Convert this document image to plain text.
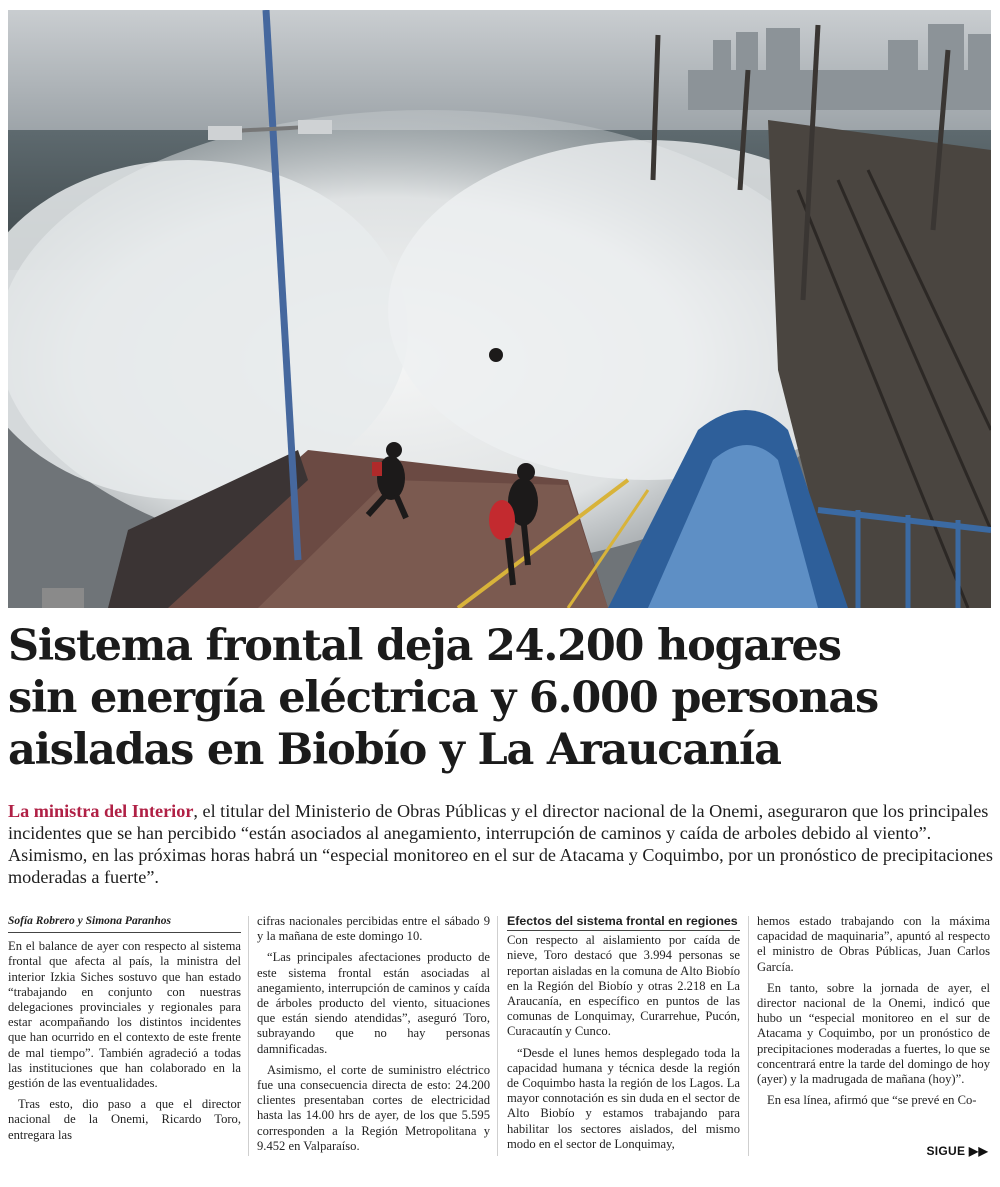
Sistema frontal deja 24.200 hogares
sin energía eléctrica y 6.000 personas
aisladas en Biobío y La Araucanía

La ministra del Interior, el titular del Ministerio de Obras Públicas y el director nacional de la Onemi, aseguraron que los principales incidentes que se han percibido “están asociados al anegamiento, interrupción de caminos y caída de arboles debido al viento”. Asimismo, en las próximas horas habrá un “especial monitoreo en el sur de Atacama y Coquimbo, por un pronóstico de precipitaciones moderadas a fuerte”.

Sofía Robrero y Simona Paranhos

En el balance de ayer con respecto al sistema frontal que afecta al país, la ministra del interior Izkia Siches sostuvo que han estado “trabajando en conjunto con nuestras delegaciones provinciales y regionales para estar acompañando los distintos incidentes que han ocurrido en el contexto de este frente de mal tiempo”. También agradeció a todas las instituciones que han colaborado en la gestión de las eventualidades.

Tras esto, dio paso a que el director nacional de la Onemi, Ricardo Toro, entregara las

cifras nacionales percibidas entre el sábado 9 y la mañana de este domingo 10.

“Las principales afectaciones producto de este sistema frontal están asociadas al anegamiento, interrupción de caminos y caída de árboles producto del viento, situaciones que están siendo atendidas”, aseguró Toro, subrayando que no hay personas damnificadas.

Asimismo, el corte de suministro eléctrico fue una consecuencia directa de esto: 24.200 clientes presentaban cortes de electricidad hasta las 14.00 hrs de ayer, de los que 5.595 corresponden a la Región Metropolitana y 9.452 en Valparaíso.

Efectos del sistema frontal en regiones

Con respecto al aislamiento por caída de nieve, Toro destacó que 3.994 personas se reportan aisladas en la comuna de Alto Biobío en la Región del Biobío y otras 2.218 en La Araucanía, en específico en puntos de las comunas de Lonquimay, Curarrehue, Pucón, Curacautín y Cunco.

“Desde el lunes hemos desplegado toda la capacidad humana y técnica desde la región de Coquimbo hasta la región de los Lagos. La mayor connotación es sin duda en el sector de Alto Biobío y estamos trabajando para habilitar los sectores aislados, del mismo modo en el sector de Lonquimay,

hemos estado trabajando con la máxima capacidad de maquinaria”, apuntó al respecto el ministro de Obras Públicas, Juan Carlos García.

En tanto, sobre la jornada de ayer, el director nacional de la Onemi, indicó que hubo un “especial monitoreo en el sur de Atacama y Coquimbo, por un pronóstico de precipitaciones moderadas a fuertes, lo que se concentrará entre la tarde del domingo de hoy (ayer) y la madrugada de mañana (hoy)”.

En esa línea, afirmó que “se prevé en Co-

SIGUE ▶▶
